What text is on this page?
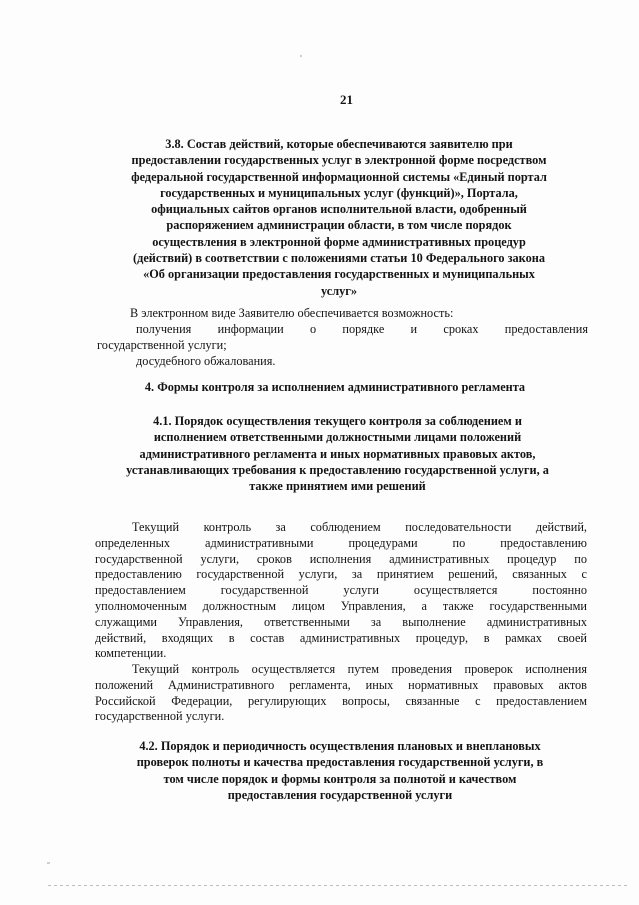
21
3.8. Состав действий, которые обеспечиваются заявителю при
предоставлении государственных услуг в электронной форме посредством
федеральной государственной информационной системы «Единый портал
государственных и муниципальных услуг (функций)», Портала,
официальных сайтов органов исполнительной власти, одобренный
распоряжением администрации области, в том числе порядок
осуществления в электронной форме административных процедур
(действий) в соответствии с положениями статьи 10 Федерального закона
«Об организации предоставления государственных и муниципальных
услуг»
В электронном виде Заявителю обеспечивается возможность:
получения информации о порядке и сроках предоставления
государственной услуги;
досудебного обжалования.
4. Формы контроля за исполнением административного регламента
4.1. Порядок осуществления текущего контроля за соблюдением и
исполнением ответственными должностными лицами положений
административного регламента и иных нормативных правовых актов,
устанавливающих требования к предоставлению государственной услуги, а
также принятием ими решений
Текущий контроль за соблюдением последовательности действий,
определенных административными процедурами по предоставлению
государственной услуги, сроков исполнения административных процедур по
предоставлению государственной услуги, за принятием решений, связанных с
предоставлением государственной услуги осуществляется постоянно
уполномоченным должностным лицом Управления, а также государственными
служащими Управления, ответственными за выполнение административных
действий, входящих в состав административных процедур, в рамках своей
компетенции.
Текущий контроль осуществляется путем проведения проверок исполнения
положений Административного регламента, иных нормативных правовых актов
Российской Федерации, регулирующих вопросы, связанные с предоставлением
государственной услуги.
4.2. Порядок и периодичность осуществления плановых и внеплановых
проверок полноты и качества предоставления государственной услуги, в
том числе порядок и формы контроля за полнотой и качеством
предоставления государственной услуги
